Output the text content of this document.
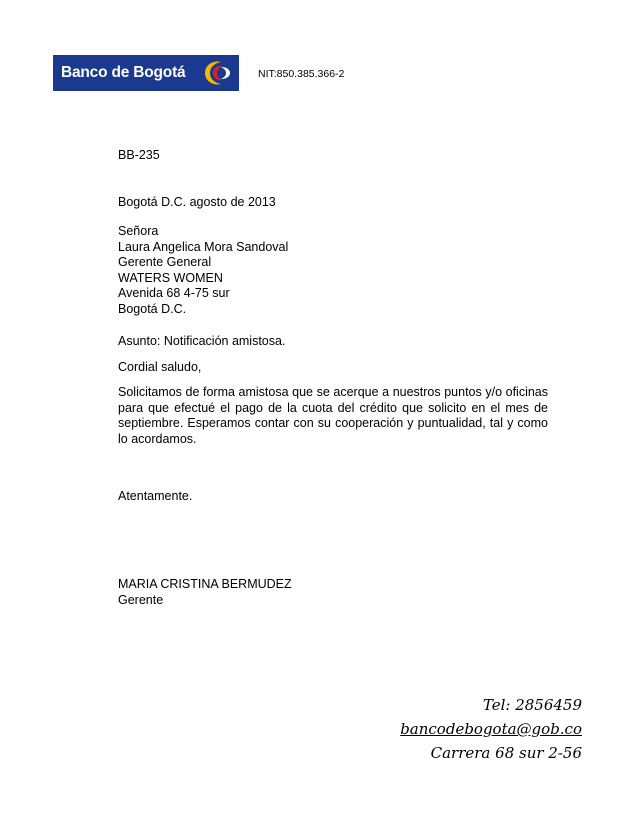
Banco de Bogotá	NIT:850.385.366-2
BB-235
Bogotá D.C. agosto de 2013
Señora
Laura Angelica Mora Sandoval
Gerente General
WATERS WOMEN
Avenida 68 4-75 sur
Bogotá D.C.
Asunto: Notificación amistosa.
Cordial saludo,
Solicitamos de forma amistosa que se acerque a nuestros puntos y/o oficinas para que efectué el pago de la cuota del crédito que solicito en el mes de septiembre. Esperamos contar con su cooperación y puntualidad, tal y como lo acordamos.
Atentamente.
MARIA CRISTINA BERMUDEZ
Gerente
Tel: 2856459
bancodebogota@gob.co
Carrera 68 sur 2-56
